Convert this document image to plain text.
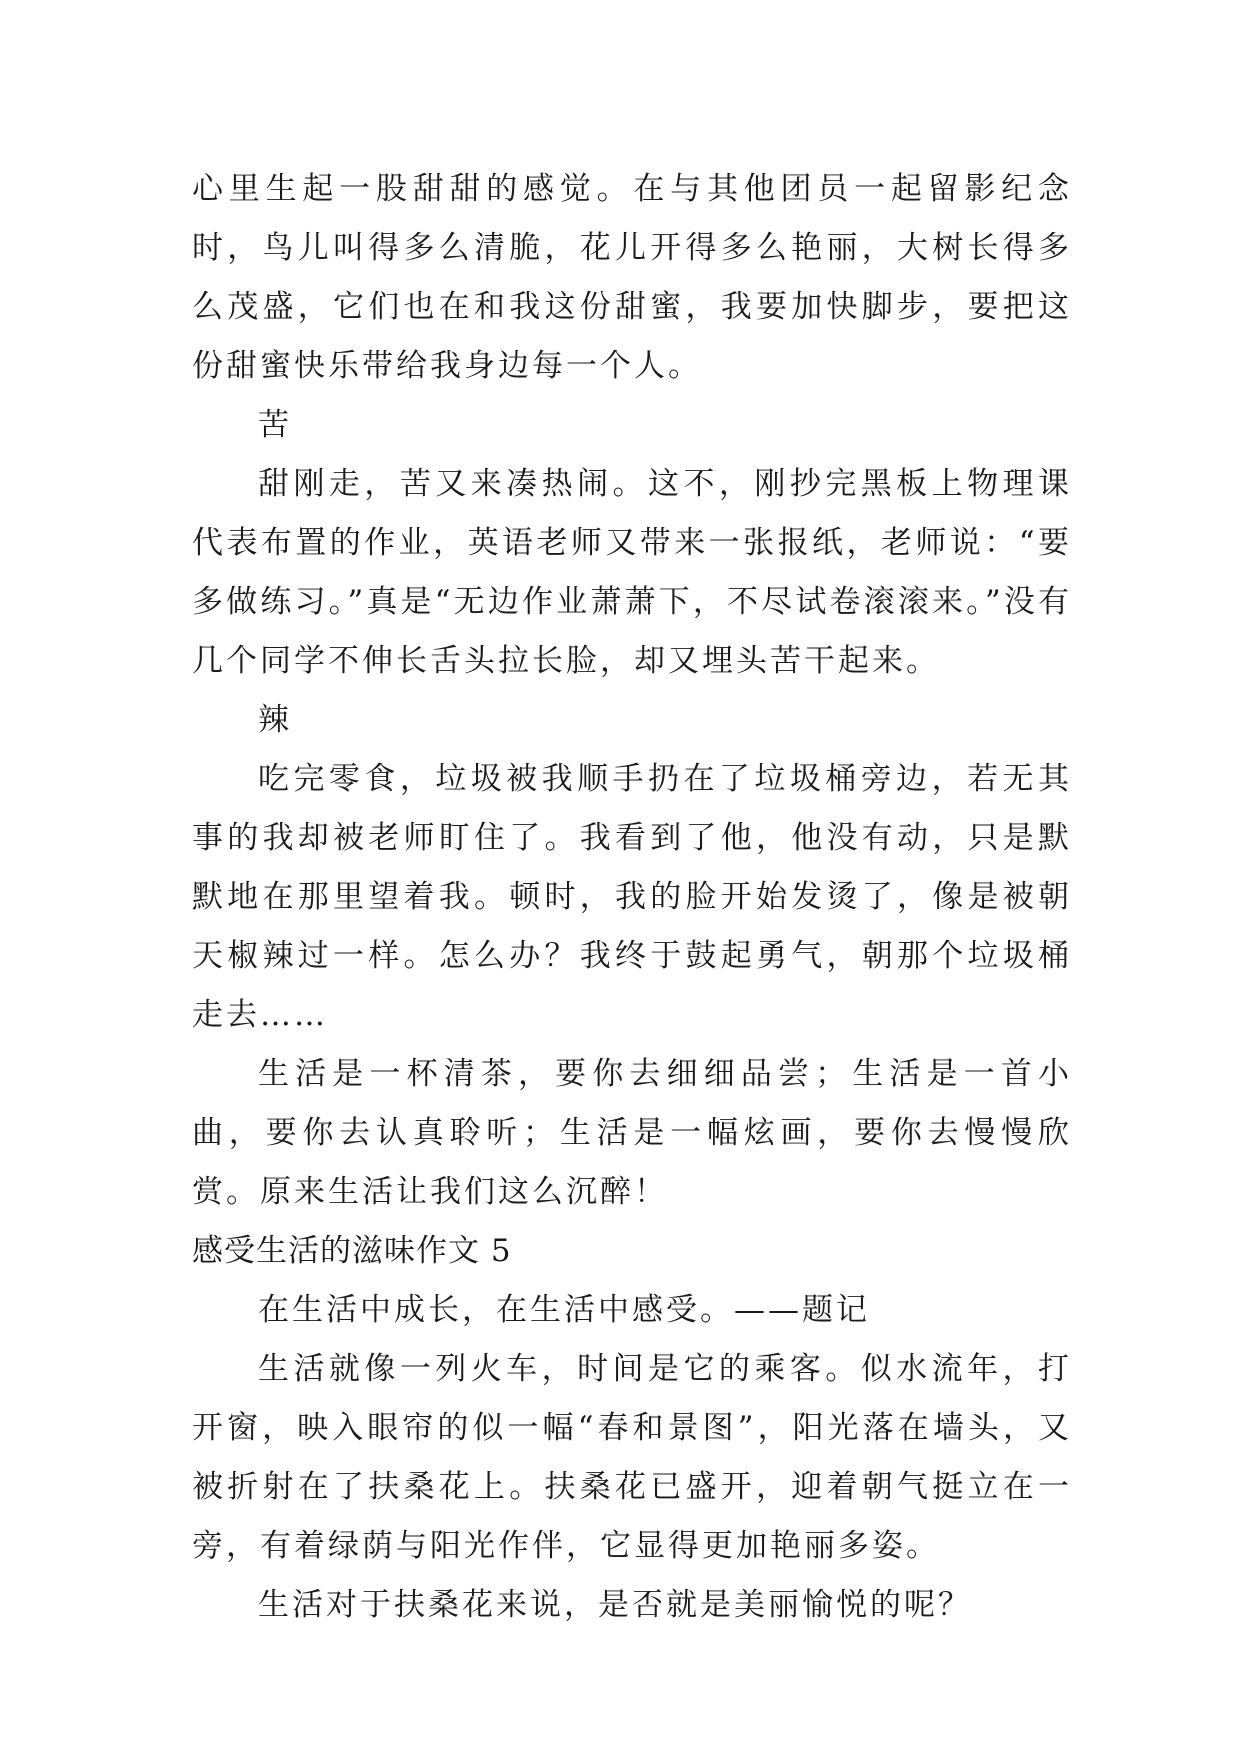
心里生起一股甜甜的感觉。在与其他团员一起留影纪念时，鸟儿叫得多么清脆，花儿开得多么艳丽，大树长得多么茂盛，它们也在和我这份甜蜜，我要加快脚步，要把这份甜蜜快乐带给我身边每一个人。

苦

甜刚走，苦又来凑热闹。这不，刚抄完黑板上物理课代表布置的作业，英语老师又带来一张报纸，老师说：“要多做练习。”真是“无边作业萧萧下，不尽试卷滚滚来。”没有几个同学不伸长舌头拉长脸，却又埋头苦干起来。

辣

吃完零食，垃圾被我顺手扔在了垃圾桶旁边，若无其事的我却被老师盯住了。我看到了他，他没有动，只是默默地在那里望着我。顿时，我的脸开始发烫了，像是被朝天椒辣过一样。怎么办？我终于鼓起勇气，朝那个垃圾桶走去……

生活是一杯清茶，要你去细细品尝；生活是一首小曲，要你去认真聆听；生活是一幅炫画，要你去慢慢欣赏。原来生活让我们这么沉醉！

感受生活的滋味作文 5

在生活中成长，在生活中感受。——题记

生活就像一列火车，时间是它的乘客。似水流年，打开窗，映入眼帘的似一幅“春和景图”，阳光落在墙头，又被折射在了扶桑花上。扶桑花已盛开，迎着朝气挺立在一旁，有着绿荫与阳光作伴，它显得更加艳丽多姿。

生活对于扶桑花来说，是否就是美丽愉悦的呢？
